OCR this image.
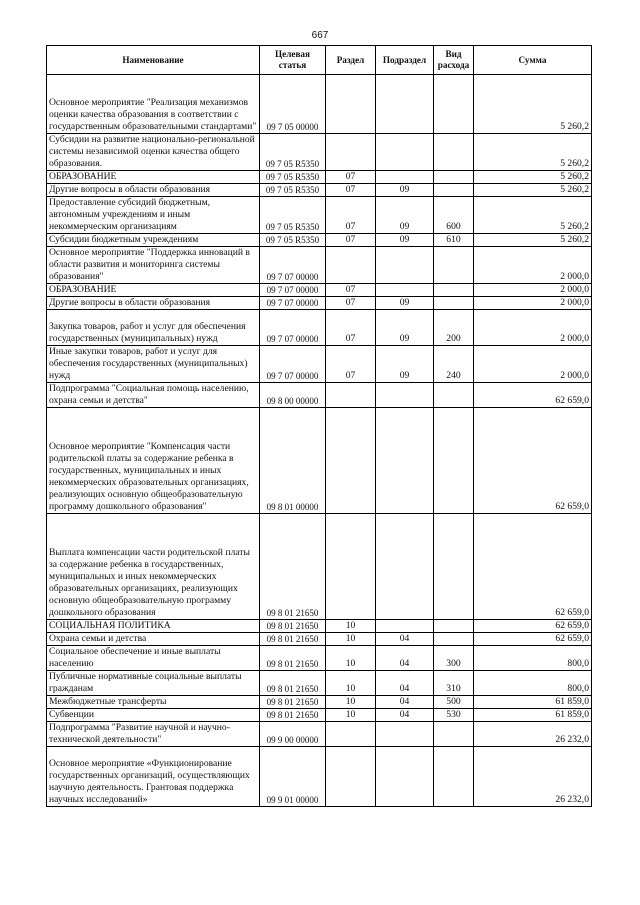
667
Наименование	Целевая статья	Раздел	Подраздел	Вид расхода	Сумма
Основное мероприятие "Реализация механизмов оценки качества образования в соответствии с государственным образовательными стандартами"	09 7 05 00000				5 260,2
Субсидии на развитие национально-региональной системы независимой оценки качества общего образования.	09 7 05 R5350				5 260,2
ОБРАЗОВАНИЕ	09 7 05 R5350	07			5 260,2
Другие вопросы в области образования	09 7 05 R5350	07	09		5 260,2
Предоставление субсидий бюджетным, автономным учреждениям и иным некоммерческим организациям	09 7 05 R5350	07	09	600	5 260,2
Субсидии бюджетным учреждениям	09 7 05 R5350	07	09	610	5 260,2
Основное мероприятие "Поддержка инноваций в области развития и мониторинга системы образования"	09 7 07 00000				2 000,0
ОБРАЗОВАНИЕ	09 7 07 00000	07			2 000,0
Другие вопросы в области образования	09 7 07 00000	07	09		2 000,0
Закупка товаров, работ и услуг для обеспечения государственных (муниципальных) нужд	09 7 07 00000	07	09	200	2 000,0
Иные закупки товаров, работ и услуг для обеспечения государственных (муниципальных) нужд	09 7 07 00000	07	09	240	2 000,0
Подпрограмма "Социальная помощь населению, охрана семьи и детства"	09 8 00 00000				62 659,0
Основное мероприятие "Компенсация части родительской платы за содержание ребенка в государственных, муниципальных и иных некоммерческих образовательных организациях, реализующих основную общеобразовательную программу дошкольного образования"	09 8 01 00000				62 659,0
Выплата компенсации части родительской платы за содержание ребенка в государственных, муниципальных и иных некоммерческих образовательных организациях, реализующих основную общеобразовательную программу дошкольного образования	09 8 01 21650				62 659,0
СОЦИАЛЬНАЯ ПОЛИТИКА	09 8 01 21650	10			62 659,0
Охрана семьи и детства	09 8 01 21650	10	04		62 659,0
Социальное обеспечение и иные выплаты населению	09 8 01 21650	10	04	300	800,0
Публичные нормативные социальные выплаты гражданам	09 8 01 21650	10	04	310	800,0
Межбюджетные трансферты	09 8 01 21650	10	04	500	61 859,0
Субвенции	09 8 01 21650	10	04	530	61 859,0
Подпрограмма "Развитие научной и научно-технической деятельности"	09 9 00 00000				26 232,0
Основное мероприятие «Функционирование государственных организаций, осуществляющих научную деятельность. Грантовая поддержка научных исследований»	09 9 01 00000				26 232,0
